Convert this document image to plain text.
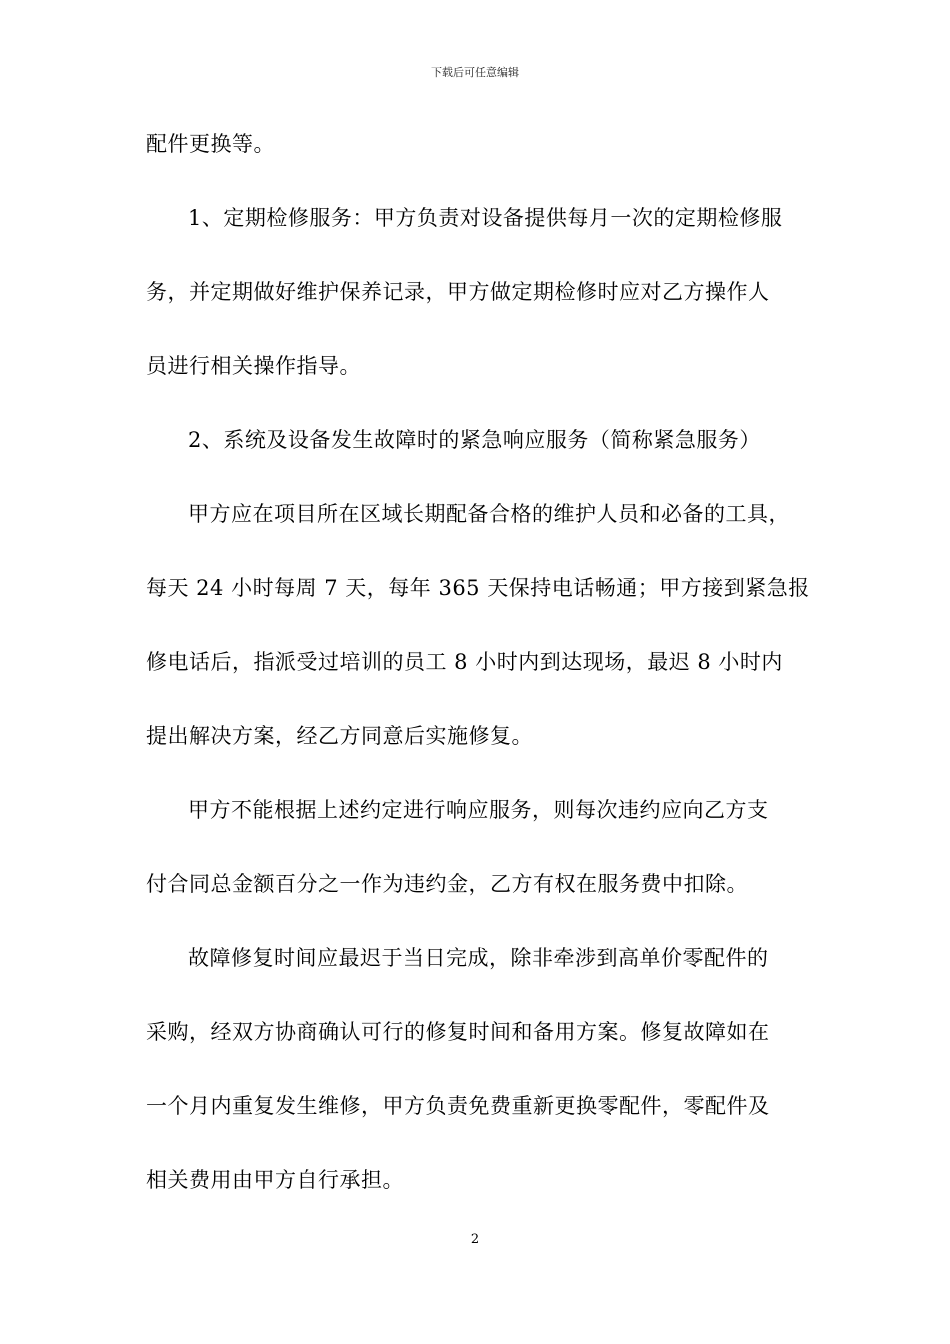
下载后可任意编辑
配件更换等。
1、定期检修服务：甲方负责对设备提供每月一次的定期检修服
务，并定期做好维护保养记录，甲方做定期检修时应对乙方操作人
员进行相关操作指导。
2、系统及设备发生故障时的紧急响应服务（简称紧急服务）
甲方应在项目所在区域长期配备合格的维护人员和必备的工具，
每天 24 小时每周 7 天，每年 365 天保持电话畅通；甲方接到紧急报
修电话后，指派受过培训的员工 8 小时内到达现场，最迟 8 小时内
提出解决方案，经乙方同意后实施修复。
甲方不能根据上述约定进行响应服务，则每次违约应向乙方支
付合同总金额百分之一作为违约金，乙方有权在服务费中扣除。
故障修复时间应最迟于当日完成，除非牵涉到高单价零配件的
采购，经双方协商确认可行的修复时间和备用方案。修复故障如在
一个月内重复发生维修，甲方负责免费重新更换零配件，零配件及
相关费用由甲方自行承担。
2
